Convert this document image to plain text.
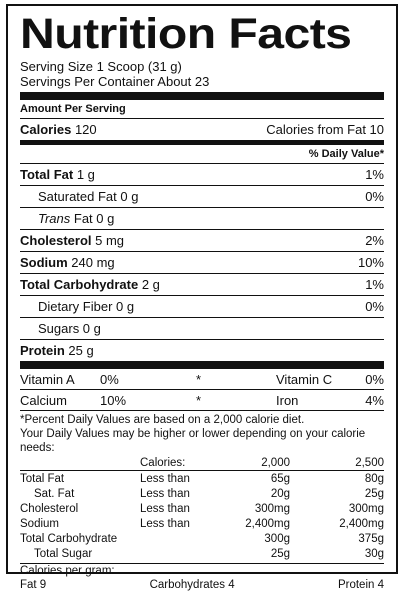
Nutrition Facts
Serving Size 1 Scoop (31 g)
Servings Per Container About 23
Amount Per Serving
Calories 120	Calories from Fat 10
% Daily Value*
Total Fat 1 g	1%
Saturated Fat 0 g	0%
Trans Fat 0 g
Cholesterol 5 mg	2%
Sodium 240 mg	10%
Total Carbohydrate 2 g	1%
Dietary Fiber 0 g	0%
Sugars 0 g
Protein 25 g
Vitamin A	0%	*	Vitamin C	0%
Calcium	10%	*	Iron	4%
*Percent Daily Values are based on a 2,000 calorie diet.
Your Daily Values may be higher or lower depending on your calorie needs:
	Calories:	2,000	2,500

Total Fat	Less than	65g	80g
Sat. Fat	Less than	20g	25g
Cholesterol	Less than	300mg	300mg
Sodium	Less than	2,400mg	2,400mg
Total Carbohydrate		300g	375g
Total Sugar		25g	30g
Calories per gram:
Fat 9	Carbohydrates 4	Protein 4
